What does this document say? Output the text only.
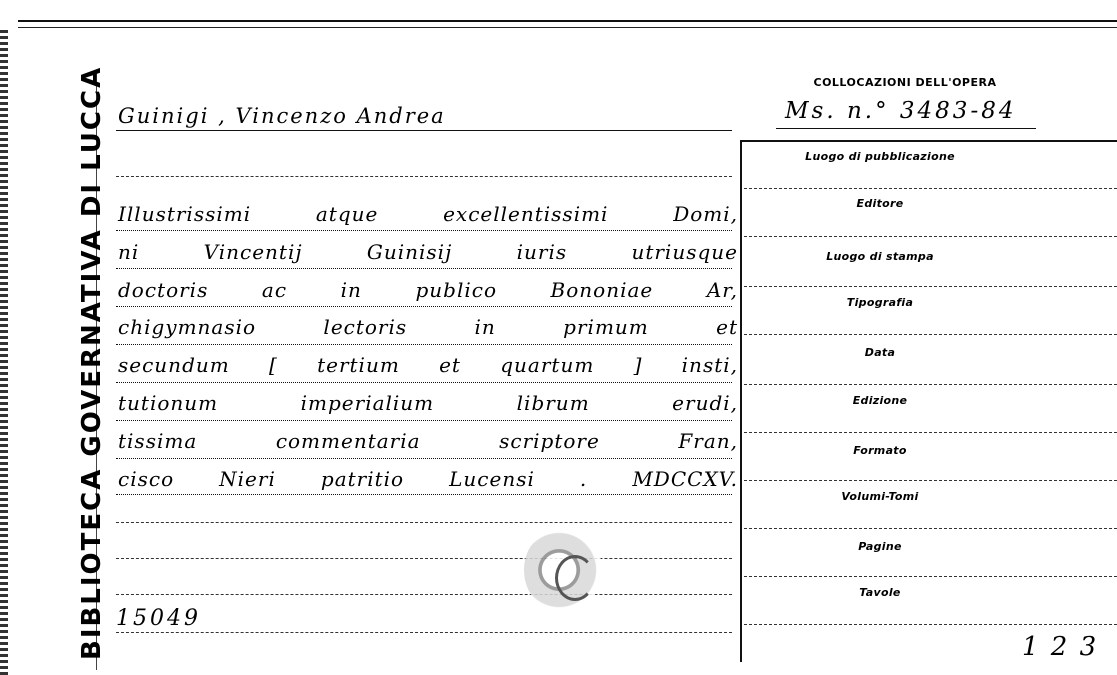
BIBLIOTECA GOVERNATIVA DI LUCCA Guinigi , Vincenzo Andrea
COLLOCAZIONI DELL'OPERA
Ms. n.° 3483-84
Illustrissimi atque excellentissimi Domi,
ni Vincentij Guinisij iuris utriusque
doctoris ac in publico Bononiae Ar,
chigymnasio lectoris in primum et
secundum [ tertium et quartum ] insti,
tutionum imperialium librum erudi,
tissima commentaria scriptore Fran,
cisco Nieri patritio Lucensi . MDCCXV.
15049
Luogo di pubblicazione
Editore
Luogo di stampa
Tipografia
Data
Edizione
Formato
Volumi-Tomi
Pagine
Tavole
1 2 3
